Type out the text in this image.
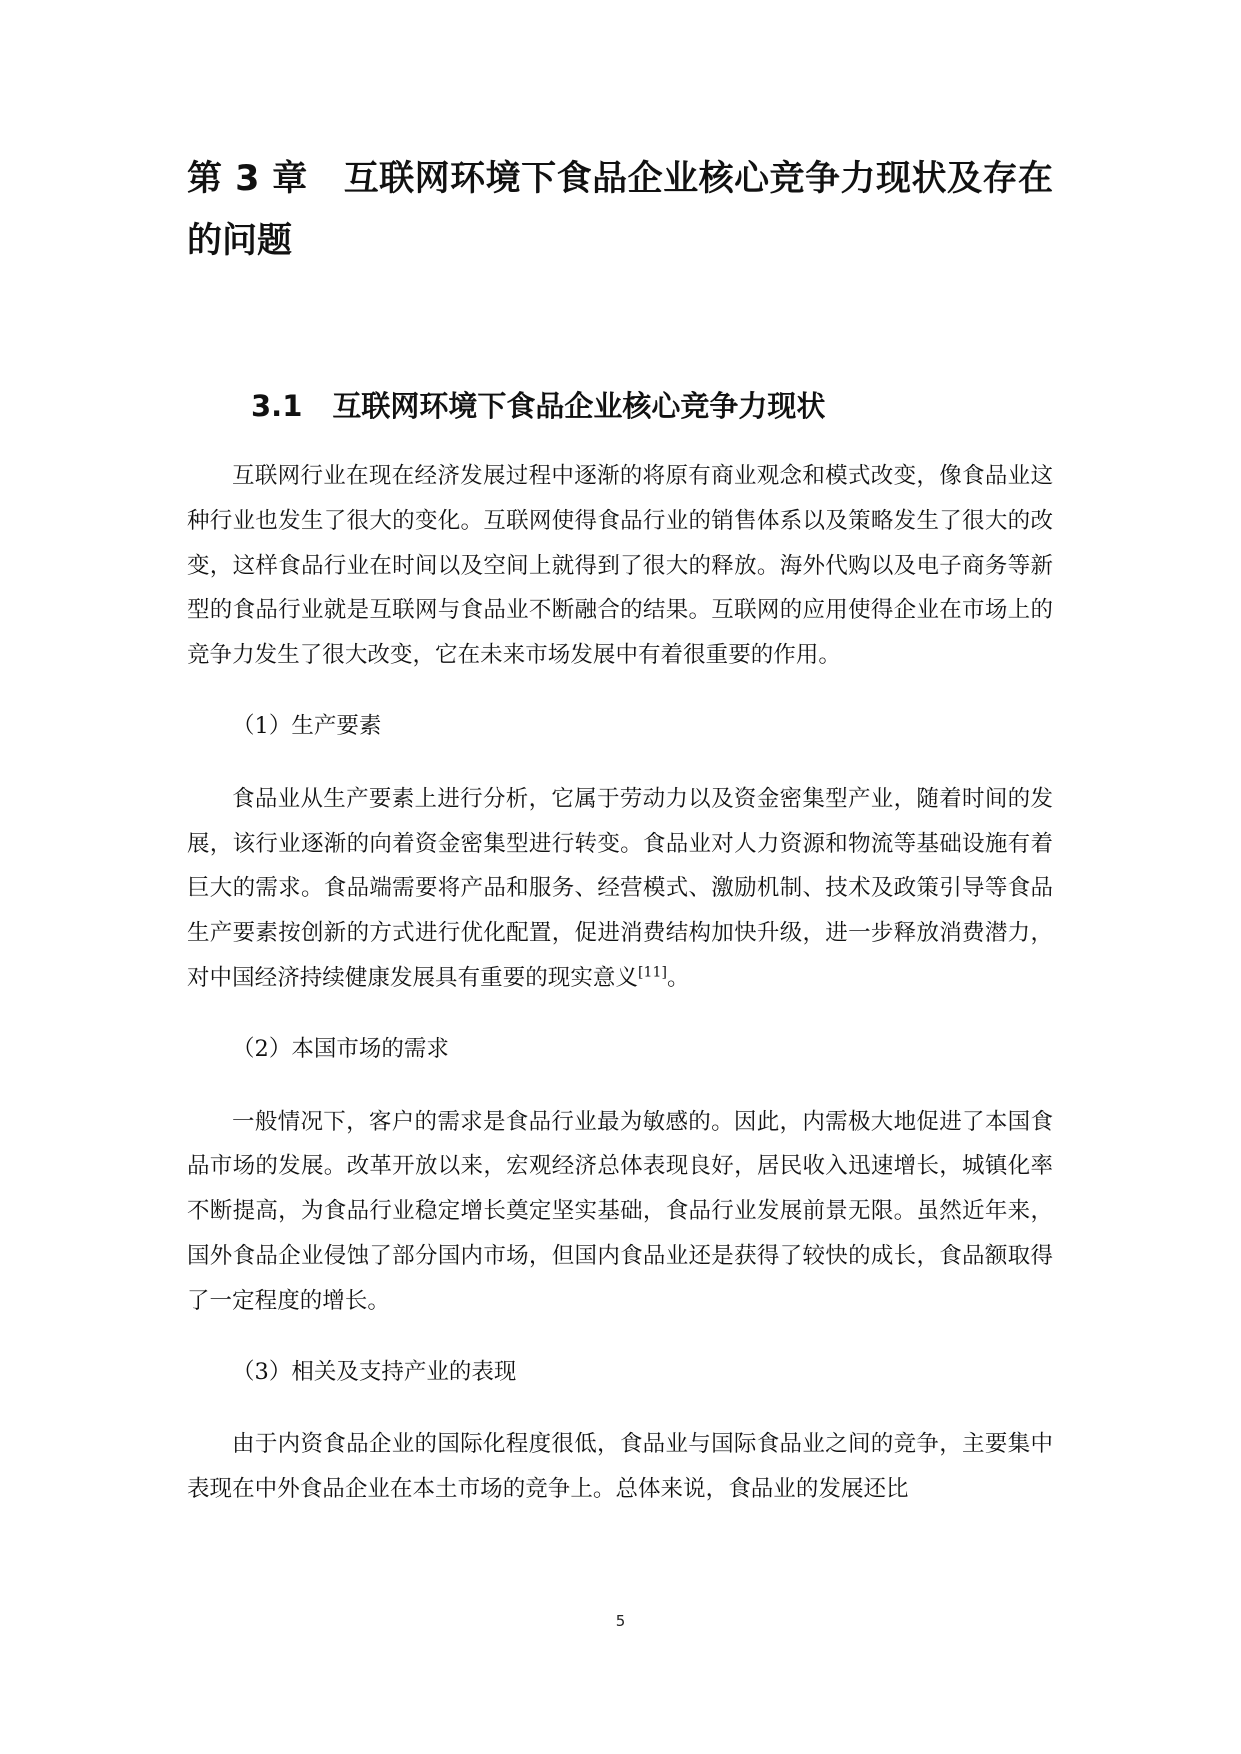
第 3 章 互联网环境下食品企业核心竞争力现状及存在的问题
3.1 互联网环境下食品企业核心竞争力现状

互联网行业在现在经济发展过程中逐渐的将原有商业观念和模式改变，像食品业这种行业也发生了很大的变化。互联网使得食品行业的销售体系以及策略发生了很大的改变，这样食品行业在时间以及空间上就得到了很大的释放。海外代购以及电子商务等新型的食品行业就是互联网与食品业不断融合的结果。互联网的应用使得企业在市场上的竞争力发生了很大改变，它在未来市场发展中有着很重要的作用。

（1）生产要素

食品业从生产要素上进行分析，它属于劳动力以及资金密集型产业，随着时间的发展，该行业逐渐的向着资金密集型进行转变。食品业对人力资源和物流等基础设施有着巨大的需求。食品端需要将产品和服务、经营模式、激励机制、技术及政策引导等食品生产要素按创新的方式进行优化配置，促进消费结构加快升级，进一步释放消费潜力，对中国经济持续健康发展具有重要的现实意义[11]。

（2）本国市场的需求

一般情况下，客户的需求是食品行业最为敏感的。因此，内需极大地促进了本国食品市场的发展。改革开放以来，宏观经济总体表现良好，居民收入迅速增长，城镇化率不断提高，为食品行业稳定增长奠定坚实基础，食品行业发展前景无限。虽然近年来，国外食品企业侵蚀了部分国内市场，但国内食品业还是获得了较快的成长，食品额取得了一定程度的增长。

（3）相关及支持产业的表现

由于内资食品企业的国际化程度很低，食品业与国际食品业之间的竞争，主要集中表现在中外食品企业在本土市场的竞争上。总体来说，食品业的发展还比

5
